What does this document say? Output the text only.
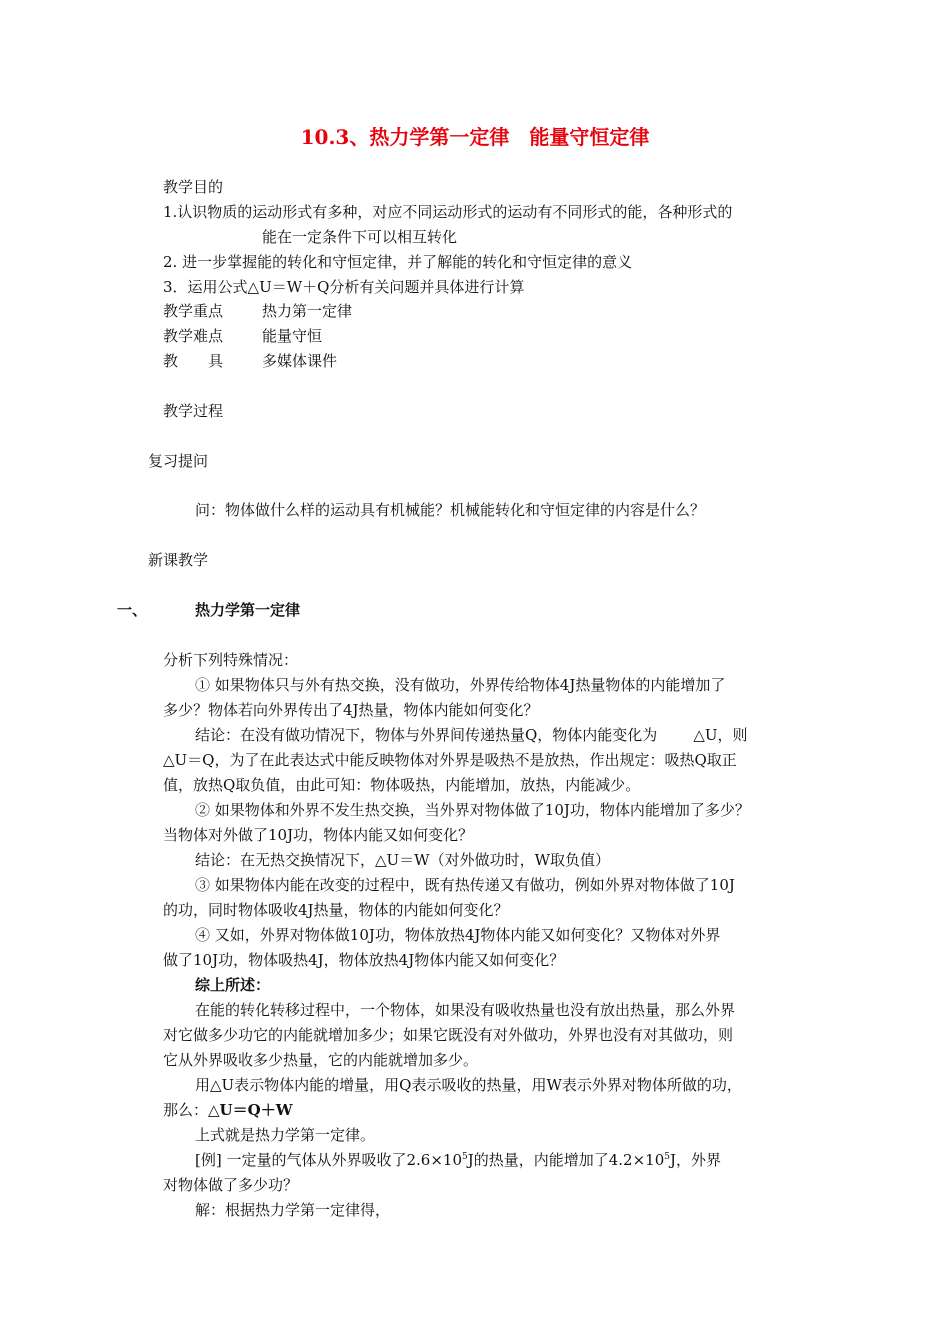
10.3、热力学第一定律　能量守恒定律
教学目的
1.认识物质的运动形式有多种，对应不同运动形式的运动有不同形式的能，各种形式的
能在一定条件下可以相互转化
2. 进一步掌握能的转化和守恒定律，并了解能的转化和守恒定律的意义
3．运用公式△U＝W＋Q分析有关问题并具体进行计算
教学重点	热力第一定律
教学难点	能量守恒
教　　具	多媒体课件
教学过程
复习提问
问：物体做什么样的运动具有机械能？机械能转化和守恒定律的内容是什么？
新课教学
一、	热力学第一定律
分析下列特殊情况：
① 如果物体只与外有热交换，没有做功，外界传给物体4J热量物体的内能增加了
多少？物体若向外界传出了4J热量，物体内能如何变化？
结论：在没有做功情况下，物体与外界间传递热量Q，物体内能变化为 △U，则
△U＝Q，为了在此表达式中能反映物体对外界是吸热不是放热，作出规定：吸热Q取正
值，放热Q取负值，由此可知：物体吸热，内能增加，放热，内能减少。
② 如果物体和外界不发生热交换，当外界对物体做了10J功，物体内能增加了多少？
当物体对外做了10J功，物体内能又如何变化？
结论：在无热交换情况下，△U＝W（对外做功时，W取负值）
③ 如果物体内能在改变的过程中，既有热传递又有做功，例如外界对物体做了10J
的功，同时物体吸收4J热量，物体的内能如何变化？
④ 又如，外界对物体做10J功，物体放热4J物体内能又如何变化？又物体对外界
做了10J功，物体吸热4J，物体放热4J物体内能又如何变化？
综上所述：
在能的转化转移过程中，一个物体，如果没有吸收热量也没有放出热量，那么外界
对它做多少功它的内能就增加多少；如果它既没有对外做功，外界也没有对其做功，则
它从外界吸收多少热量，它的内能就增加多少。
用△U表示物体内能的增量，用Q表示吸收的热量，用W表示外界对物体所做的功，
那么：△U＝Q＋W
上式就是热力学第一定律。
[例] 一定量的气体从外界吸收了$2.6\times 10^5J$的热量，内能增加了$4.2\times 10^5J$，外界
对物体做了多少功？
解：根据热力学第一定律得，
